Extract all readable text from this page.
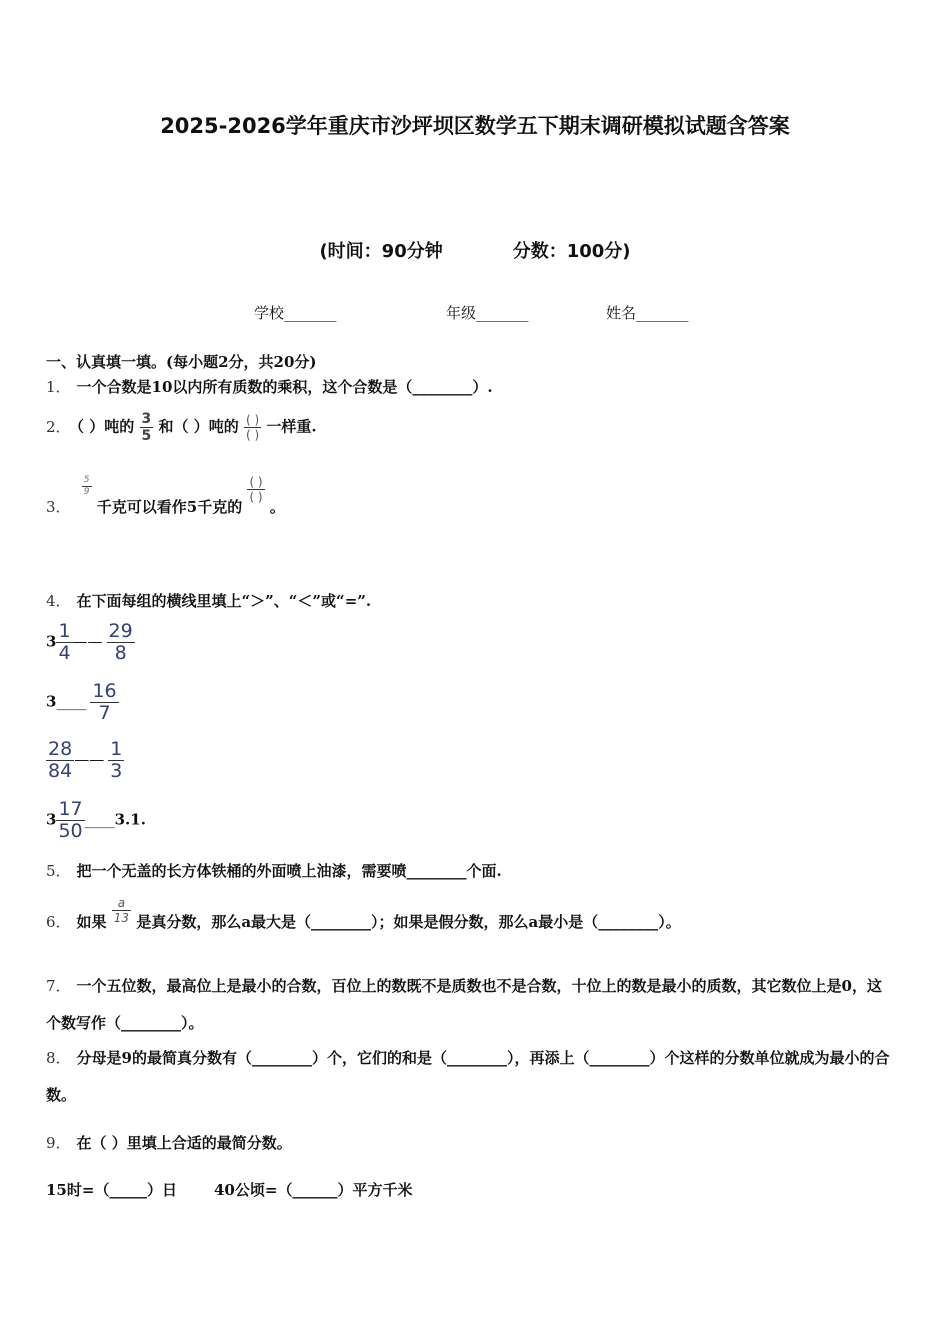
2025-2026学年重庆市沙坪坝区数学五下期末调研模拟试题含答案
(时间：90分钟	分数：100分)
学校_______	年级_______	姓名_______
一、认真填一填。(每小题2分，共20分)
1． 一个合数是10以内所有质数的乘积，这个合数是（________）.
2． （ ）吨的 $\frac{3}{5}$ 和（ ）吨的 $\frac{( )}{( )}$ 一样重.
3．
$\frac{5}{9}$
千克可以看作5千克的
$\frac{( )}{( )}$
。
4． 在下面每组的横线里填上“＞”、“＜”或“=”.
$3 \frac{1}{4}$ —— $\frac{29}{8}$
3____ $\frac{16}{7}$
$\frac{28}{84}$ —— $\frac{1}{3}$
$3 \frac{17}{50}$ ____3.1.
5． 把一个无盖的长方体铁桶的外面喷上油漆，需要喷________个面.
6． 如果 $\frac{a}{13}$ 是真分数，那么a最大是（________）；如果是假分数，那么a最小是（________）。
7． 一个五位数，最高位上是最小的合数，百位上的数既不是质数也不是合数，十位上的数是最小的质数，其它数位上是0，这个数写作（________）。
8． 分母是9的最简真分数有（________）个，它们的和是（________），再添上（________）个这样的分数单位就成为最小的合数。
9． 在（ ）里填上合适的最简分数。
15时=（_____）日 40公顷=（______）平方千米
